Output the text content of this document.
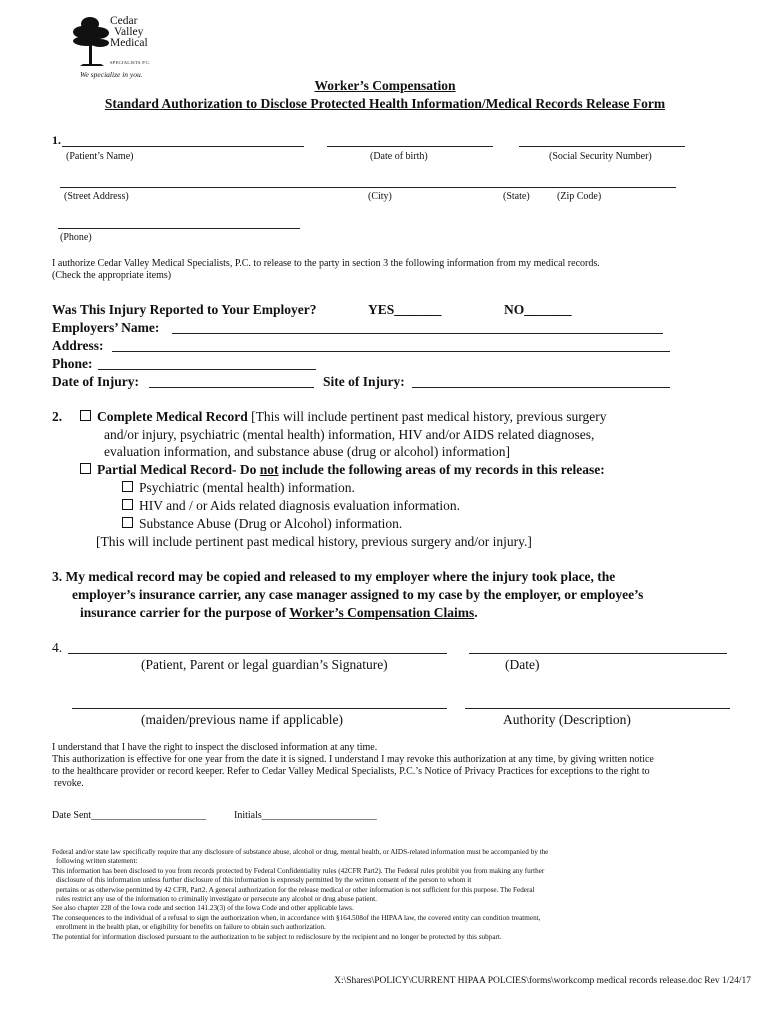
Cedar
Valley
Medical
SPECIALISTS P.C.
We specialize in you.
Worker’s Compensation
Standard Authorization to Disclose Protected Health Information/Medical Records Release Form
1.
(Patient’s Name)	(Date of birth)	(Social Security Number)
(Street Address)	(City)	(State)	(Zip Code)
(Phone)
I authorize Cedar Valley Medical Specialists, P.C. to release to the party in section 3 the following information from my medical records.
(Check the appropriate items)
Was This Injury Reported to Your Employer?	YES_______	NO_______
Employers’ Name:
Address:
Phone:
Date of Injury:	Site of Injury:
2.	Complete Medical Record [This will include pertinent past medical history, previous surgery
and/or injury, psychiatric (mental health) information, HIV and/or AIDS related diagnoses,
evaluation information, and substance abuse (drug or alcohol) information]
Partial Medical Record- Do not include the following areas of my records in this release:
Psychiatric (mental health) information.
HIV and / or Aids related diagnosis evaluation information.
Substance Abuse (Drug or Alcohol) information.
[This will include pertinent past medical history, previous surgery and/or injury.]
3. My medical record may be copied and released to my employer where the injury took place, the
employer’s insurance carrier, any case manager assigned to my case by the employer, or employee’s
insurance carrier for the purpose of Worker’s Compensation Claims.
4.
(Patient, Parent or legal guardian’s Signature)	(Date)
(maiden/previous name if applicable)	Authority (Description)
I understand that I have the right to inspect the disclosed information at any time.
This authorization is effective for one year from the date it is signed. I understand I may revoke this authorization at any time, by giving written notice
to the healthcare provider or record keeper. Refer to Cedar Valley Medical Specialists, P.C.’s Notice of Privacy Practices for exceptions to the right to
revoke.
Date Sent_______________________	Initials_______________________
Federal and/or state law specifically require that any disclosure of substance abuse, alcohol or drug, mental health, or AIDS-related information must be accompanied by the
following written statement:
This information has been disclosed to you from records protected by Federal Confidentiality rules (42CFR Part2). The Federal rules prohibit you from making any further
disclosure of this information unless further disclosure of this information is expressly permitted by the written consent of the person to whom it
pertains or as otherwise permitted by 42 CFR, Part2. A general authorization for the release medical or other information is not sufficient for this purpose. The Federal
rules restrict any use of the information to criminally investigate or persecute any alcohol or drug abuse patient.
See also chapter 228 of the Iowa code and section 141.23(3) of the Iowa Code and other applicable laws.
The consequences to the individual of a refusal to sign the authorization when, in accordance with §164.508of the HIPAA law, the covered entity can condition treatment,
enrollment in the health plan, or eligibility for benefits on failure to obtain such authorization.
The potential for information disclosed pursuant to the authorization to be subject to redisclosure by the recipient and no longer be protected by this subpart.
X:\Shares\POLICY\CURRENT HIPAA POLCIES\forms\workcomp medical records release.doc Rev 1/24/17
